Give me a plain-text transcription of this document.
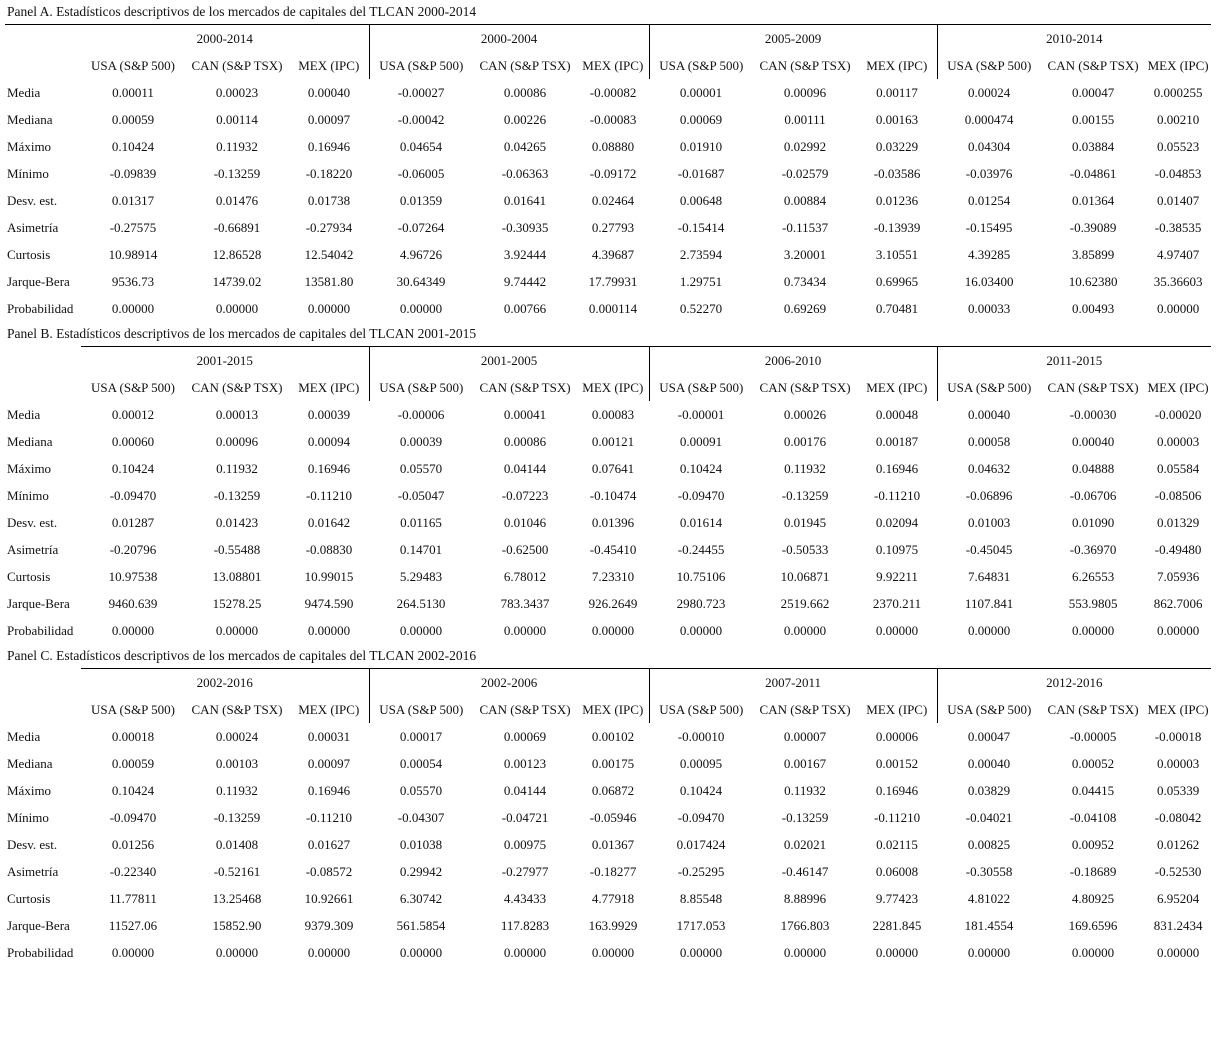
Panel A. Estadísticos descriptivos de los mercados de capitales del TLCAN 2000-2014
	2000-2014			2000-2004			2005-2009			2010-2014		
	USA (S&P 500)	CAN (S&P TSX)	MEX (IPC)	USA (S&P 500)	CAN (S&P TSX)	MEX (IPC)	USA (S&P 500)	CAN (S&P TSX)	MEX (IPC)	USA (S&P 500)	CAN (S&P TSX)	MEX (IPC)
Media	0.00011	0.00023	0.00040	-0.00027	0.00086	-0.00082	0.00001	0.00096	0.00117	0.00024	0.00047	0.000255
Mediana	0.00059	0.00114	0.00097	-0.00042	0.00226	-0.00083	0.00069	0.00111	0.00163	0.000474	0.00155	0.00210
Máximo	0.10424	0.11932	0.16946	0.04654	0.04265	0.08880	0.01910	0.02992	0.03229	0.04304	0.03884	0.05523
Mínimo	-0.09839	-0.13259	-0.18220	-0.06005	-0.06363	-0.09172	-0.01687	-0.02579	-0.03586	-0.03976	-0.04861	-0.04853
Desv. est.	0.01317	0.01476	0.01738	0.01359	0.01641	0.02464	0.00648	0.00884	0.01236	0.01254	0.01364	0.01407
Asimetría	-0.27575	-0.66891	-0.27934	-0.07264	-0.30935	0.27793	-0.15414	-0.11537	-0.13939	-0.15495	-0.39089	-0.38535
Curtosis	10.98914	12.86528	12.54042	4.96726	3.92444	4.39687	2.73594	3.20001	3.10551	4.39285	3.85899	4.97407
Jarque-Bera	9536.73	14739.02	13581.80	30.64349	9.74442	17.79931	1.29751	0.73434	0.69965	16.03400	10.62380	35.36603
Probabilidad	0.00000	0.00000	0.00000	0.00000	0.00766	0.000114	0.52270	0.69269	0.70481	0.00033	0.00493	0.00000
Panel B. Estadísticos descriptivos de los mercados de capitales del TLCAN 2001-2015
	2001-2015			2001-2005			2006-2010			2011-2015		
	USA (S&P 500)	CAN (S&P TSX)	MEX (IPC)	USA (S&P 500)	CAN (S&P TSX)	MEX (IPC)	USA (S&P 500)	CAN (S&P TSX)	MEX (IPC)	USA (S&P 500)	CAN (S&P TSX)	MEX (IPC)
Media	0.00012	0.00013	0.00039	-0.00006	0.00041	0.00083	-0.00001	0.00026	0.00048	0.00040	-0.00030	-0.00020
Mediana	0.00060	0.00096	0.00094	0.00039	0.00086	0.00121	0.00091	0.00176	0.00187	0.00058	0.00040	0.00003
Máximo	0.10424	0.11932	0.16946	0.05570	0.04144	0.07641	0.10424	0.11932	0.16946	0.04632	0.04888	0.05584
Mínimo	-0.09470	-0.13259	-0.11210	-0.05047	-0.07223	-0.10474	-0.09470	-0.13259	-0.11210	-0.06896	-0.06706	-0.08506
Desv. est.	0.01287	0.01423	0.01642	0.01165	0.01046	0.01396	0.01614	0.01945	0.02094	0.01003	0.01090	0.01329
Asimetría	-0.20796	-0.55488	-0.08830	0.14701	-0.62500	-0.45410	-0.24455	-0.50533	0.10975	-0.45045	-0.36970	-0.49480
Curtosis	10.97538	13.08801	10.99015	5.29483	6.78012	7.23310	10.75106	10.06871	9.92211	7.64831	6.26553	7.05936
Jarque-Bera	9460.639	15278.25	9474.590	264.5130	783.3437	926.2649	2980.723	2519.662	2370.211	1107.841	553.9805	862.7006
Probabilidad	0.00000	0.00000	0.00000	0.00000	0.00000	0.00000	0.00000	0.00000	0.00000	0.00000	0.00000	0.00000
Panel C. Estadísticos descriptivos de los mercados de capitales del TLCAN 2002-2016
	2002-2016			2002-2006			2007-2011			2012-2016		
	USA (S&P 500)	CAN (S&P TSX)	MEX (IPC)	USA (S&P 500)	CAN (S&P TSX)	MEX (IPC)	USA (S&P 500)	CAN (S&P TSX)	MEX (IPC)	USA (S&P 500)	CAN (S&P TSX)	MEX (IPC)
Media	0.00018	0.00024	0.00031	0.00017	0.00069	0.00102	-0.00010	0.00007	0.00006	0.00047	-0.00005	-0.00018
Mediana	0.00059	0.00103	0.00097	0.00054	0.00123	0.00175	0.00095	0.00167	0.00152	0.00040	0.00052	0.00003
Máximo	0.10424	0.11932	0.16946	0.05570	0.04144	0.06872	0.10424	0.11932	0.16946	0.03829	0.04415	0.05339
Mínimo	-0.09470	-0.13259	-0.11210	-0.04307	-0.04721	-0.05946	-0.09470	-0.13259	-0.11210	-0.04021	-0.04108	-0.08042
Desv. est.	0.01256	0.01408	0.01627	0.01038	0.00975	0.01367	0.017424	0.02021	0.02115	0.00825	0.00952	0.01262
Asimetría	-0.22340	-0.52161	-0.08572	0.29942	-0.27977	-0.18277	-0.25295	-0.46147	0.06008	-0.30558	-0.18689	-0.52530
Curtosis	11.77811	13.25468	10.92661	6.30742	4.43433	4.77918	8.85548	8.88996	9.77423	4.81022	4.80925	6.95204
Jarque-Bera	11527.06	15852.90	9379.309	561.5854	117.8283	163.9929	1717.053	1766.803	2281.845	181.4554	169.6596	831.2434
Probabilidad	0.00000	0.00000	0.00000	0.00000	0.00000	0.00000	0.00000	0.00000	0.00000	0.00000	0.00000	0.00000
